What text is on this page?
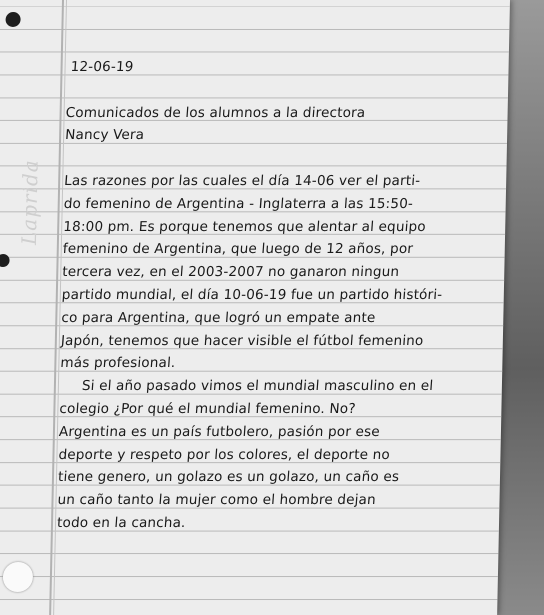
Laprida
12-06-19
Comunicados de los alumnos a la directora
Nancy Vera
Las razones por las cuales el día 14-06 ver el parti-
do femenino de Argentina - Inglaterra a las 15:50-
18:00 pm. Es porque tenemos que alentar al equipo
femenino de Argentina, que luego de 12 años, por
tercera vez, en el 2003-2007 no ganaron ningun
partido mundial, el día 10-06-19 fue un partido históri-
co para Argentina, que logró un empate ante
Japón, tenemos que hacer visible el fútbol femenino
más profesional.
Si el año pasado vimos el mundial masculino en el
colegio ¿Por qué el mundial femenino. No?
Argentina es un país futbolero, pasión por ese
deporte y respeto por los colores, el deporte no
tiene genero, un golazo es un golazo, un caño es
un caño tanto la mujer como el hombre dejan
todo en la cancha.
